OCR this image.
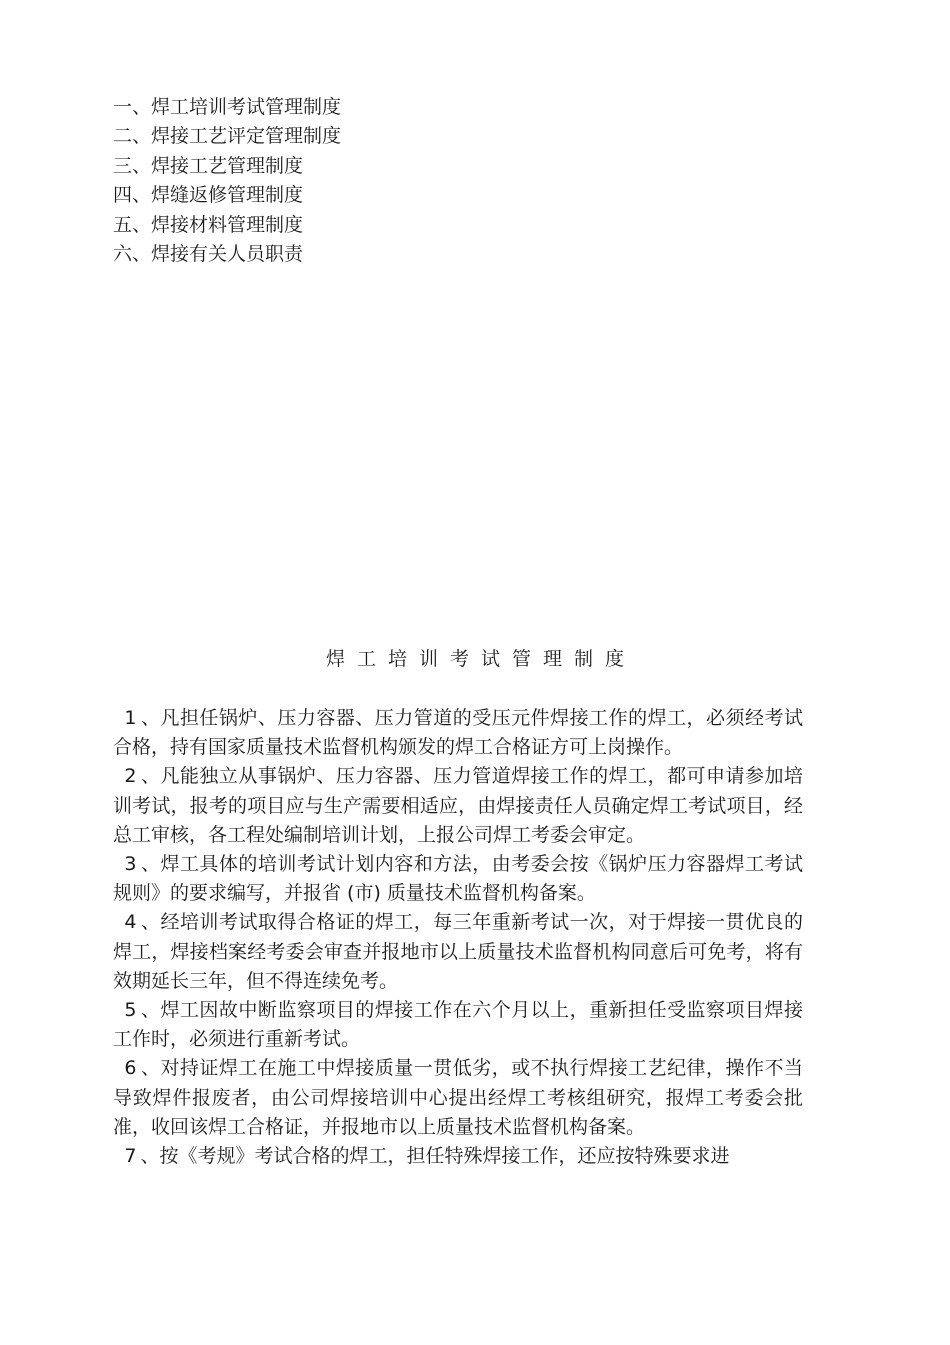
一、焊工培训考试管理制度
二、焊接工艺评定管理制度
三、焊接工艺管理制度
四、焊缝返修管理制度
五、焊接材料管理制度
六、焊接有关人员职责
焊工培训考试管理制度

1 、凡担任锅炉、压力容器、压力管道的受压元件焊接工作的焊工，必须经考试合格，持有国家质量技术监督机构颁发的焊工合格证方可上岗操作。

2 、凡能独立从事锅炉、压力容器、压力管道焊接工作的焊工，都可申请参加培训考试，报考的项目应与生产需要相适应，由焊接责任人员确定焊工考试项目，经总工审核，各工程处编制培训计划，上报公司焊工考委会审定。

3 、焊工具体的培训考试计划内容和方法，由考委会按《锅炉压力容器焊工考试规则》的要求编写，并报省 (市) 质量技术监督机构备案。

4 、经培训考试取得合格证的焊工，每三年重新考试一次，对于焊接一贯优良的焊工，焊接档案经考委会审查并报地市以上质量技术监督机构同意后可免考，将有效期延长三年，但不得连续免考。

5 、焊工因故中断监察项目的焊接工作在六个月以上，重新担任受监察项目焊接工作时，必须进行重新考试。

6 、对持证焊工在施工中焊接质量一贯低劣，或不执行焊接工艺纪律，操作不当导致焊件报废者，由公司焊接培训中心提出经焊工考核组研究，报焊工考委会批准，收回该焊工合格证，并报地市以上质量技术监督机构备案。

7 、按《考规》考试合格的焊工，担任特殊焊接工作，还应按特殊要求进
